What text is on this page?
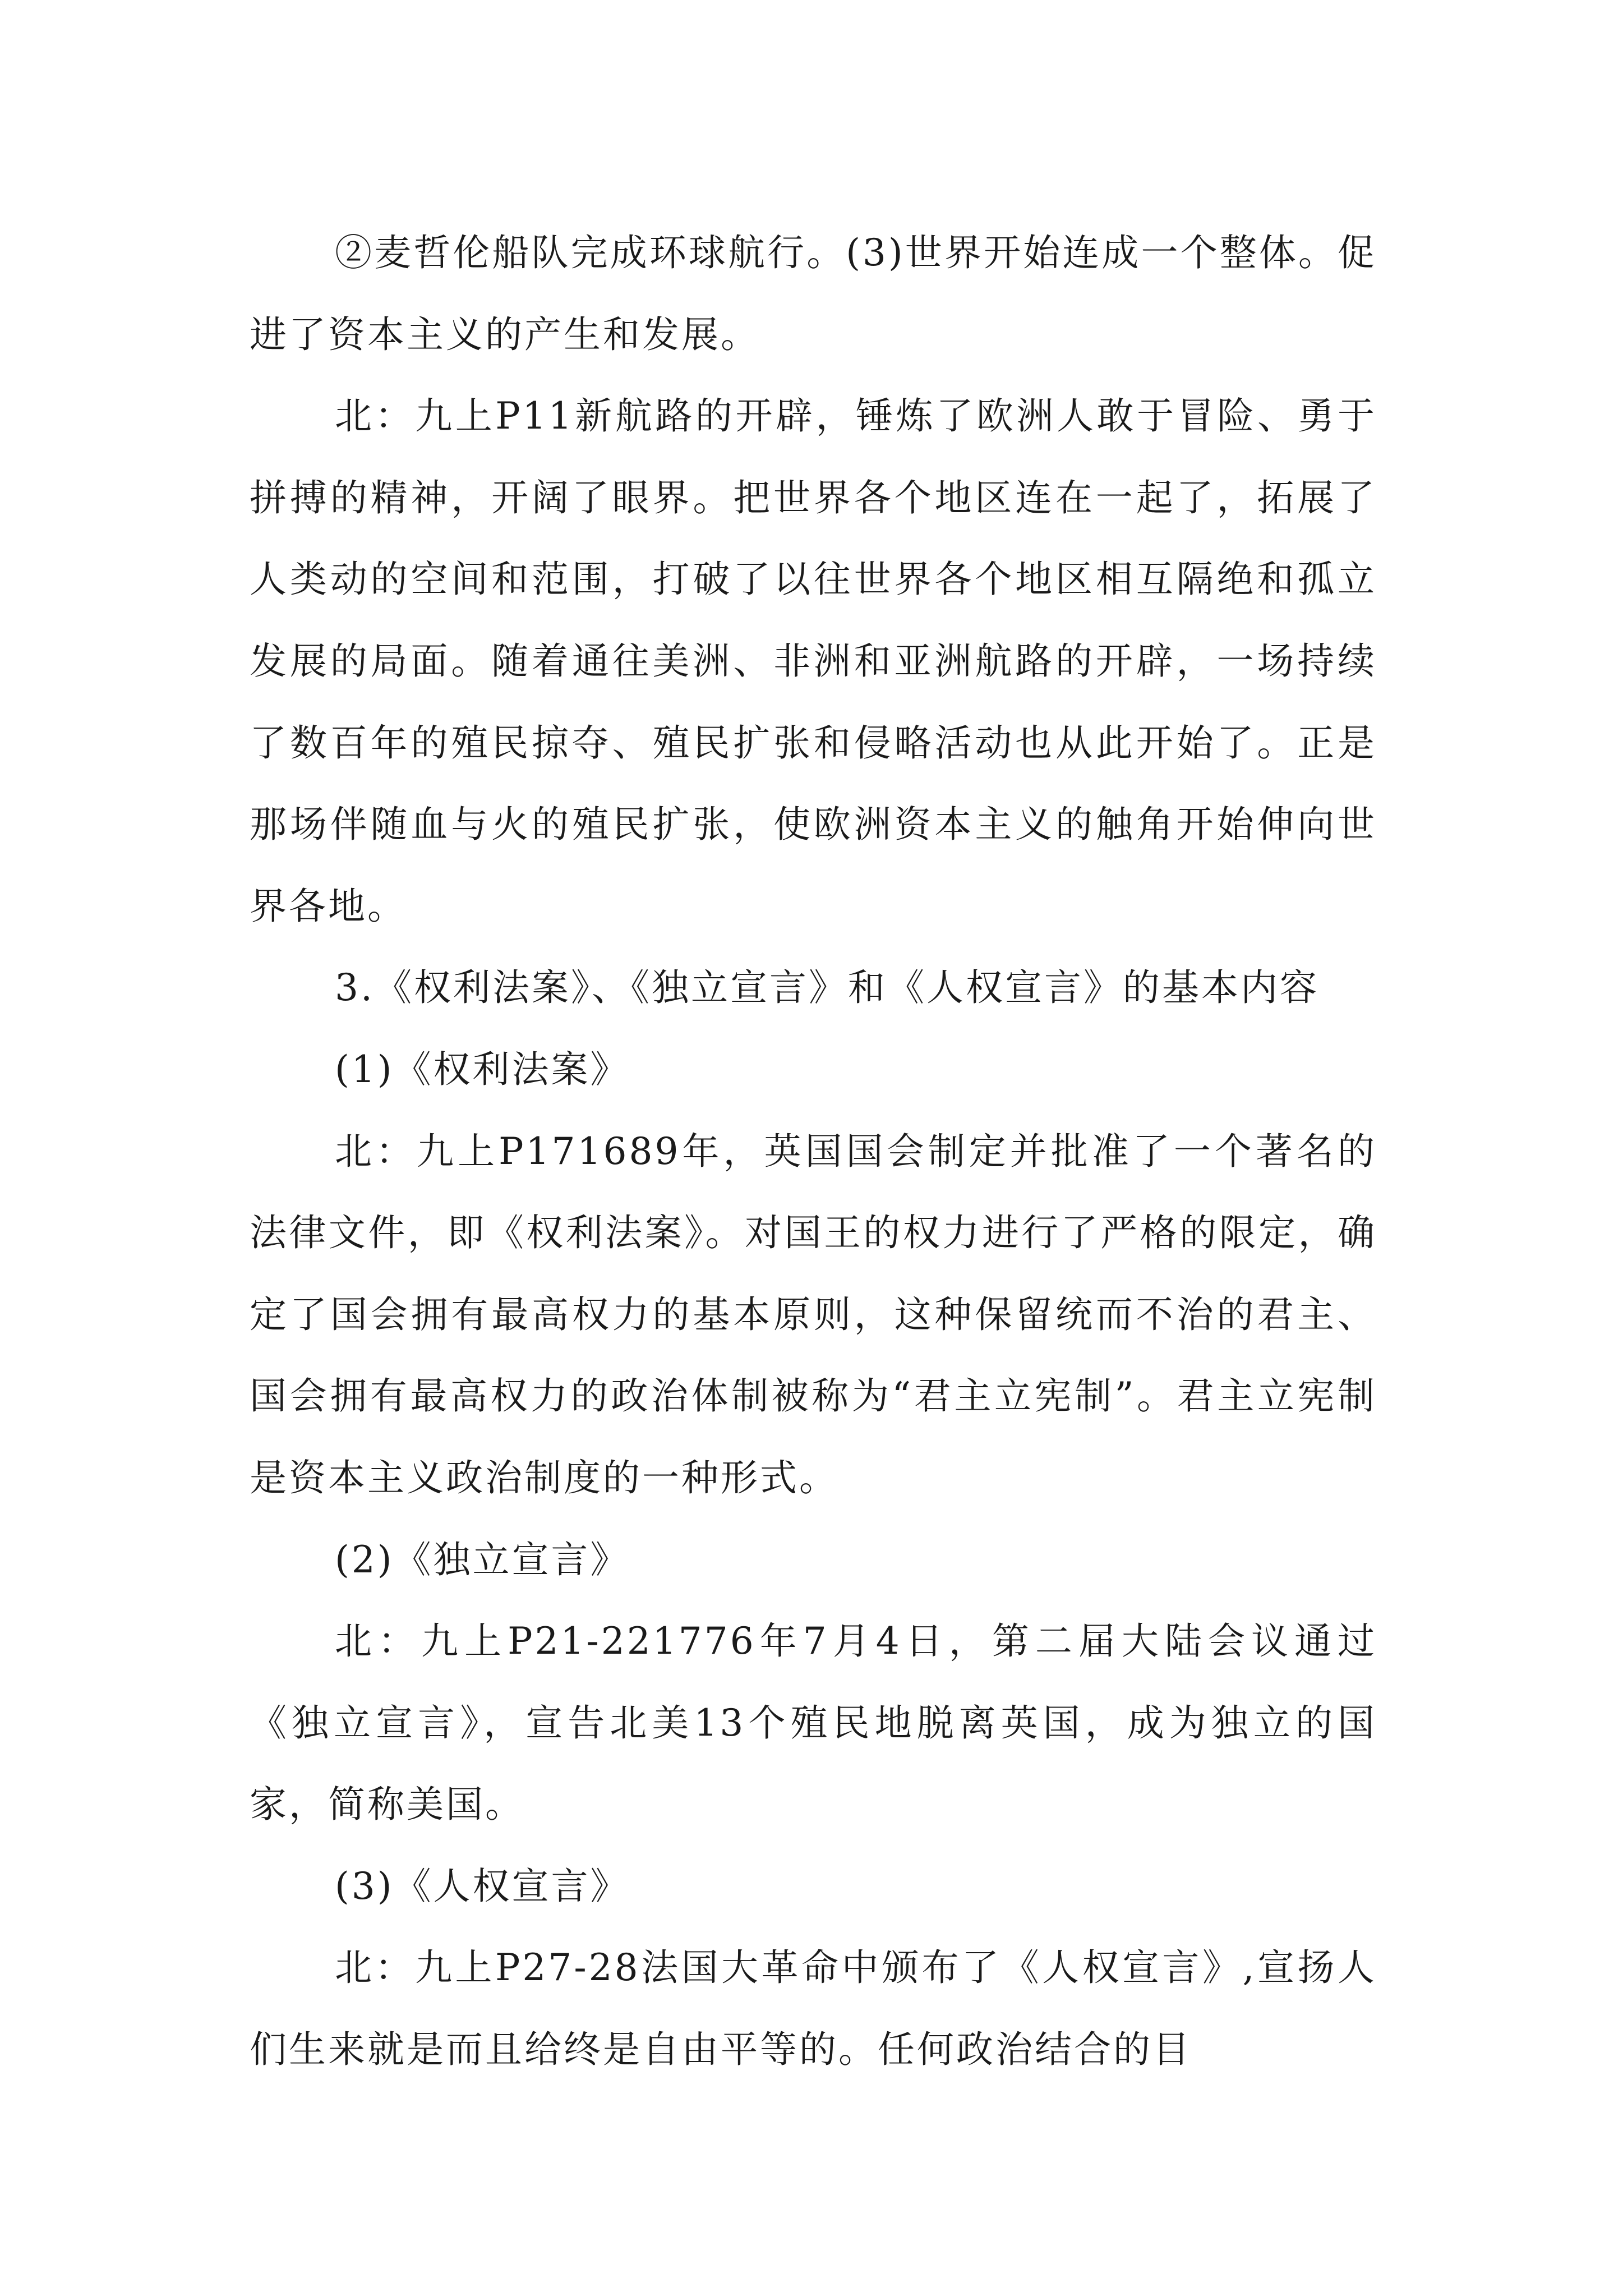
②麦哲伦船队完成环球航行。(3)世界开始连成一个整体。促进了资本主义的产生和发展。

北：九上P11新航路的开辟，锤炼了欧洲人敢于冒险、勇于拼搏的精神，开阔了眼界。把世界各个地区连在一起了，拓展了人类动的空间和范围，打破了以往世界各个地区相互隔绝和孤立发展的局面。随着通往美洲、非洲和亚洲航路的开辟，一场持续了数百年的殖民掠夺、殖民扩张和侵略活动也从此开始了。正是那场伴随血与火的殖民扩张，使欧洲资本主义的触角开始伸向世界各地。

3.《权利法案》、《独立宣言》和《人权宣言》的基本内容

(1)《权利法案》

北：九上P171689年，英国国会制定并批准了一个著名的法律文件，即《权利法案》。对国王的权力进行了严格的限定，确定了国会拥有最高权力的基本原则，这种保留统而不治的君主、国会拥有最高权力的政治体制被称为“君主立宪制”。君主立宪制是资本主义政治制度的一种形式。

(2)《独立宣言》

北：九上P21-221776年7月4日，第二届大陆会议通过《独立宣言》，宣告北美13个殖民地脱离英国，成为独立的国家，简称美国。

(3)《人权宣言》

北：九上P27-28法国大革命中颁布了《人权宣言》,宣扬人们生来就是而且给终是自由平等的。任何政治结合的目
